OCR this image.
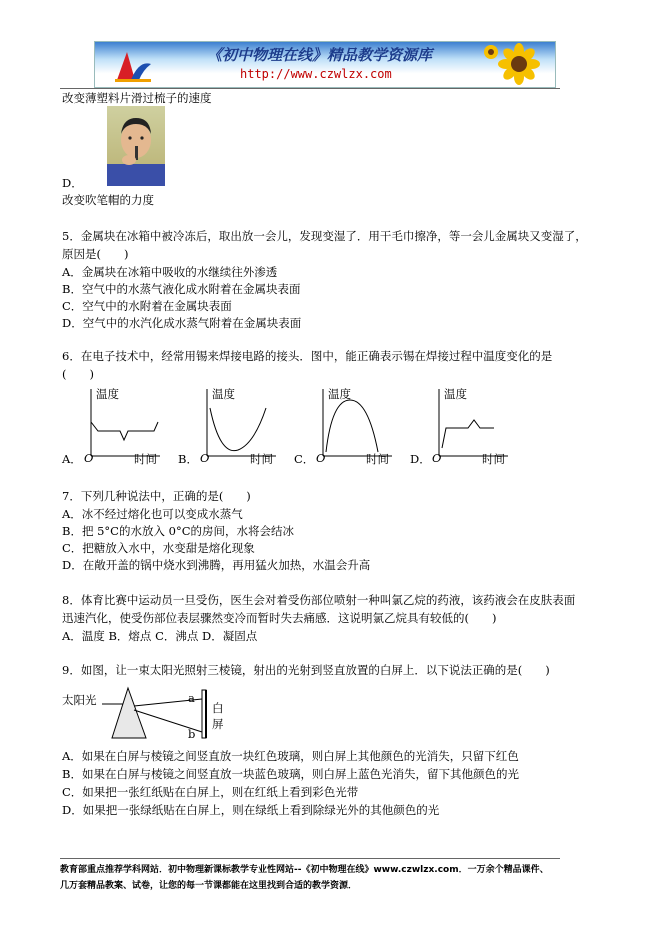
《初中物理在线》精品教学资源库
http://www.czwlzx.com
改变薄塑料片滑过梳子的速度
D．
改变吹笔帽的力度
5．金属块在冰箱中被冷冻后，取出放一会儿，发现变湿了．用干毛巾擦净，等一会儿金属块又变湿了，
原因是(　　)
A．金属块在冰箱中吸收的水继续往外渗透
B．空气中的水蒸气液化成水附着在金属块表面
C．空气中的水附着在金属块表面
D．空气中的水汽化成水蒸气附着在金属块表面
6．在电子技术中，经常用锡来焊接电路的接头．图中，能正确表示锡在焊接过程中温度变化的是
(　　)
A．	B．	C．	D．
温度
O	时间
温度
O	时间
温度
O	时间
温度
O	时间
7．下列几种说法中，正确的是(　　)
A．冰不经过熔化也可以变成水蒸气
B．把 5°C的水放入 0°C的房间，水将会结冰
C．把糖放入水中，水变甜是熔化现象
D．在敞开盖的锅中烧水到沸腾，再用猛火加热，水温会升高
8．体育比赛中运动员一旦受伤，医生会对着受伤部位喷射一种叫氯乙烷的药液，该药液会在皮肤表面
迅速汽化，使受伤部位表层骤然变冷而暂时失去痛感．这说明氯乙烷具有较低的(　　)
A．温度 B．熔点 C．沸点 D．凝固点
9．如图，让一束太阳光照射三棱镜，射出的光射到竖直放置的白屏上．以下说法正确的是(　　)
太阳光	a
b
白
屏
A．如果在白屏与棱镜之间竖直放一块红色玻璃，则白屏上其他颜色的光消失，只留下红色
B．如果在白屏与棱镜之间竖直放一块蓝色玻璃，则白屏上蓝色光消失，留下其他颜色的光
C．如果把一张红纸贴在白屏上，则在红纸上看到彩色光带
D．如果把一张绿纸贴在白屏上，则在绿纸上看到除绿光外的其他颜色的光
教育部重点推荐学科网站．初中物理新课标教学专业性网站--《初中物理在线》www.czwlzx.com．一万余个精品课件、
几万套精品教案、试卷，让您的每一节课都能在这里找到合适的教学资源．
